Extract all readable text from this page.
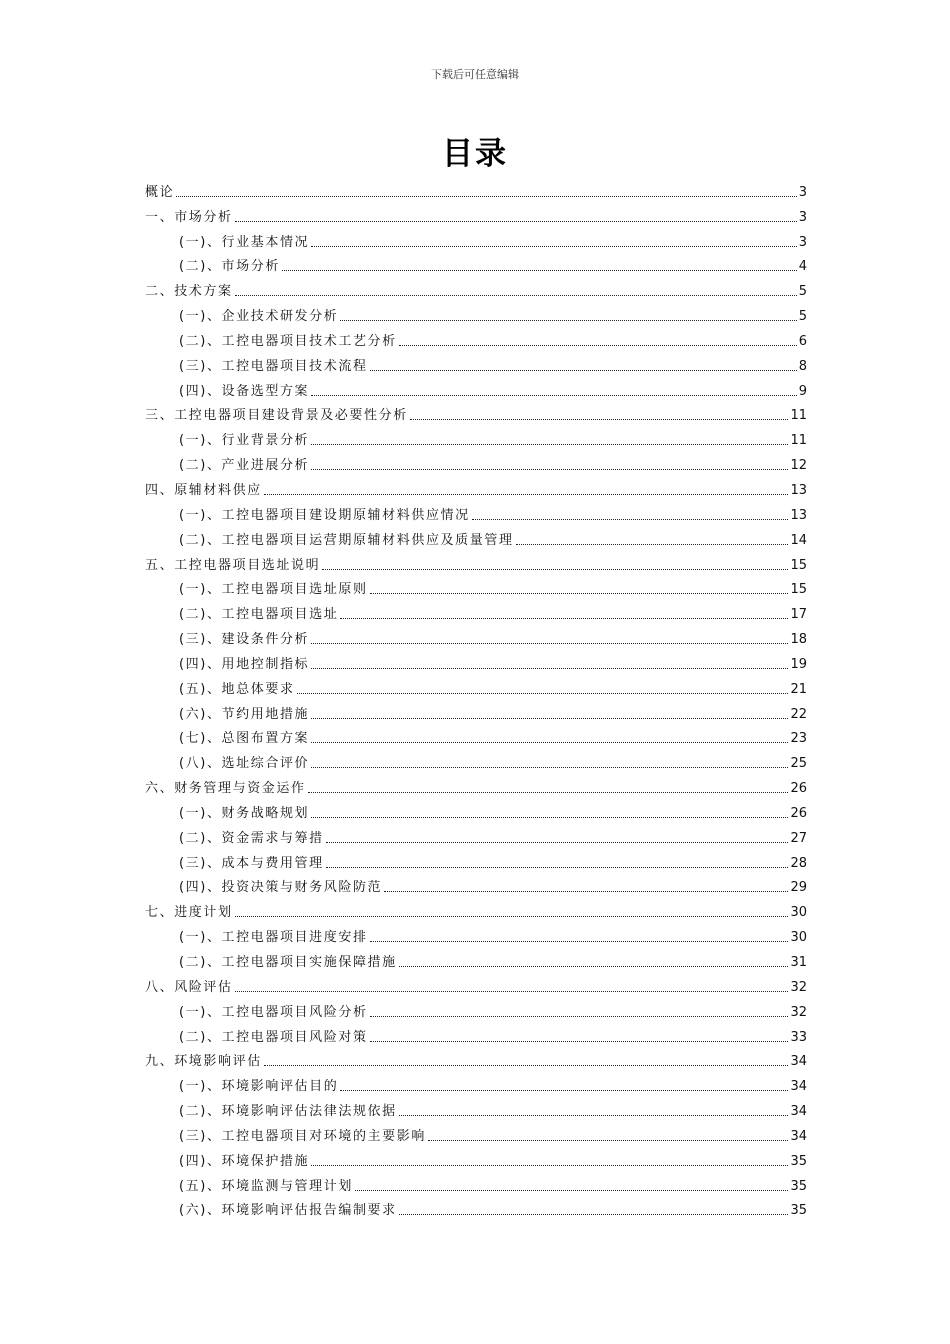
下载后可任意编辑
目录
概论	3
一、市场分析	3
(一)、行业基本情况	3
(二)、市场分析	4
二、技术方案	5
(一)、企业技术研发分析	5
(二)、工控电器项目技术工艺分析	6
(三)、工控电器项目技术流程	8
(四)、设备选型方案	9
三、工控电器项目建设背景及必要性分析	11
(一)、行业背景分析	11
(二)、产业进展分析	12
四、原辅材料供应	13
(一)、工控电器项目建设期原辅材料供应情况	13
(二)、工控电器项目运营期原辅材料供应及质量管理	14
五、工控电器项目选址说明	15
(一)、工控电器项目选址原则	15
(二)、工控电器项目选址	17
(三)、建设条件分析	18
(四)、用地控制指标	19
(五)、地总体要求	21
(六)、节约用地措施	22
(七)、总图布置方案	23
(八)、选址综合评价	25
六、财务管理与资金运作	26
(一)、财务战略规划	26
(二)、资金需求与筹措	27
(三)、成本与费用管理	28
(四)、投资决策与财务风险防范	29
七、进度计划	30
(一)、工控电器项目进度安排	30
(二)、工控电器项目实施保障措施	31
八、风险评估	32
(一)、工控电器项目风险分析	32
(二)、工控电器项目风险对策	33
九、环境影响评估	34
(一)、环境影响评估目的	34
(二)、环境影响评估法律法规依据	34
(三)、工控电器项目对环境的主要影响	34
(四)、环境保护措施	35
(五)、环境监测与管理计划	35
(六)、环境影响评估报告编制要求	35
